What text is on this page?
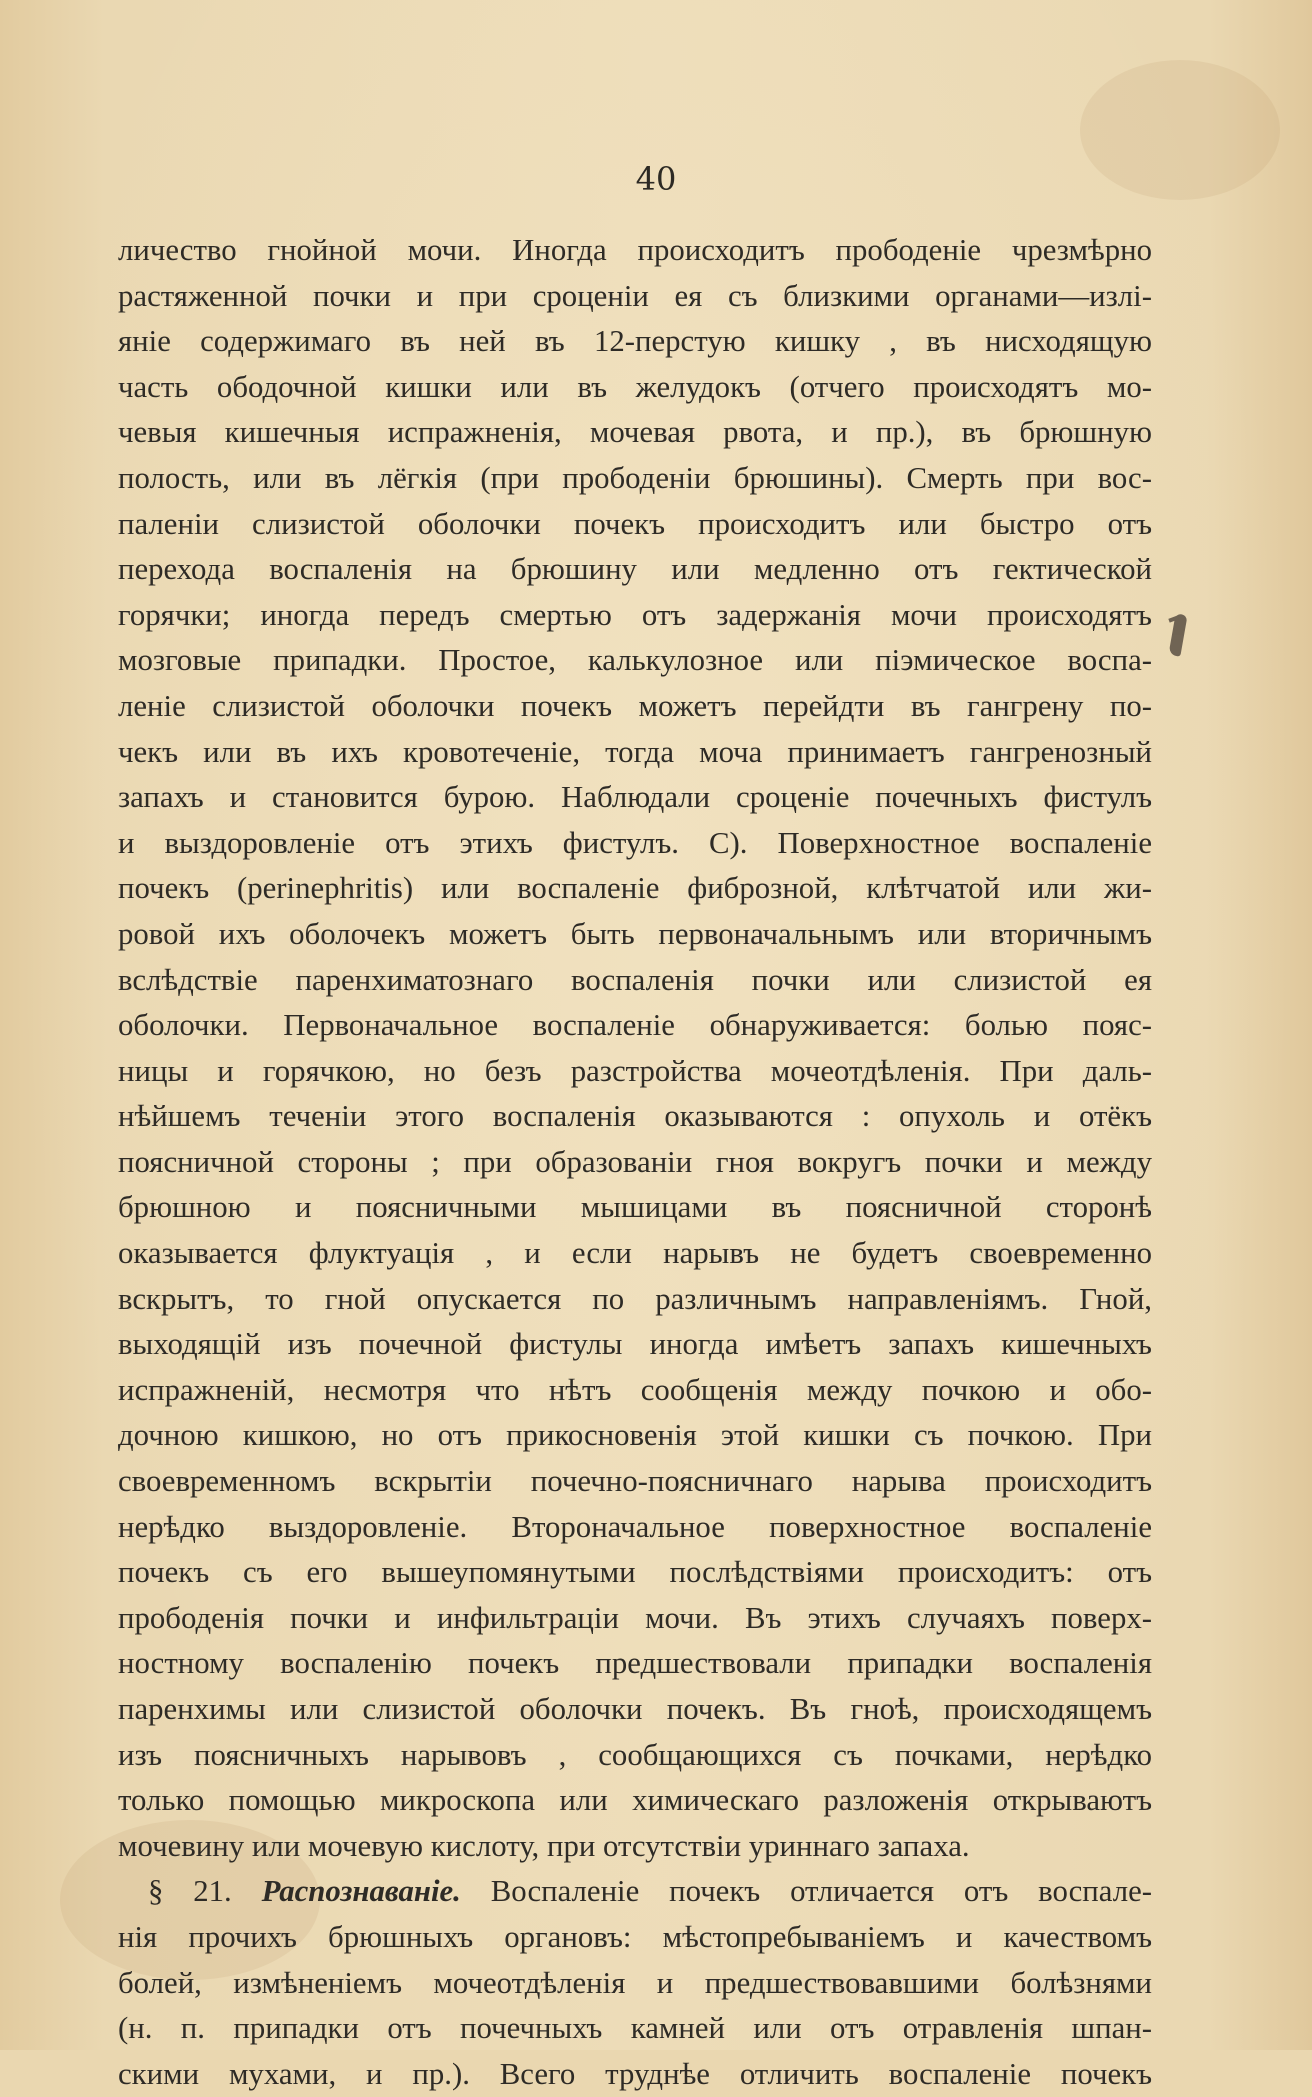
40
личество гнойной мочи. Иногда происходитъ прободенiе чрезмѣрно
растяженной почки и при сроценiи ея съ близкими органами—излi-
янiе содержимаго въ ней въ 12-перстую кишку , въ нисходящую
часть ободочной кишки или въ желудокъ (отчего происходятъ мо-
чевыя кишечныя испражненiя, мочевая рвота, и пр.), въ брюшную
полость, или въ лёгкiя (при прободенiи брюшины). Смерть при вос-
паленiи слизистой оболочки почекъ происходитъ или быстро отъ
перехода воспаленiя на брюшину или медленно отъ гектической
горячки; иногда передъ смертью отъ задержанiя мочи происходятъ
мозговые припадки. Простое, калькулозное или пiэмическое воспа-
ленiе слизистой оболочки почекъ можетъ перейдти въ гангрену по-
чекъ или въ ихъ кровотеченiе, тогда моча принимаетъ гангренозный
запахъ и становится бурою. Наблюдали сроценiе почечныхъ фистулъ
и выздоровленiе отъ этихъ фистулъ. C). Поверхностное воспаленiе
почекъ (perinephritis) или воспаленiе фиброзной, клѣтчатой или жи-
ровой ихъ оболочекъ можетъ быть первоначальнымъ или вторичнымъ
вслѣдствiе паренхиматознаго воспаленiя почки или слизистой ея
оболочки. Первоначальное воспаленiе обнаруживается: болью пояс-
ницы и горячкою, но безъ разстройства мочеотдѣленiя. При даль-
нѣйшемъ теченiи этого воспаленiя оказываются : опухоль и отёкъ
поясничной стороны ; при образованiи гноя вокругъ почки и между
брюшною и поясничными мышицами въ поясничной сторонѣ
оказывается флуктуацiя , и если нарывъ не будетъ своевременно
вскрытъ, то гной опускается по различнымъ направленiямъ. Гной,
выходящiй изъ почечной фистулы иногда имѣетъ запахъ кишечныхъ
испражненiй, несмотря что нѣтъ сообщенiя между почкою и обо-
дочною кишкою, но отъ прикосновенiя этой кишки съ почкою. При
своевременномъ вскрытiи почечно-поясничнаго нарыва происходитъ
нерѣдко выздоровленiе. Второначальное поверхностное воспаленiе
почекъ съ его вышеупомянутыми послѣдствiями происходитъ: отъ
прободенiя почки и инфильтрацiи мочи. Въ этихъ случаяхъ поверх-
ностному воспаленiю почекъ предшествовали припадки воспаленiя
паренхимы или слизистой оболочки почекъ. Въ гноѣ, происходящемъ
изъ поясничныхъ нарывовъ , сообщающихся съ почками, нерѣдко
только помощью микроскопа или химическаго разложенiя открываютъ
мочевину или мочевую кислоту, при отсутствiи уриннаго запаха.
§ 21. Распознаванiе. Воспаленiе почекъ отличается отъ воспале-
нiя прочихъ брюшныхъ органовъ: мѣстопребыванiемъ и качествомъ
болей, измѣненiемъ мочеотдѣленiя и предшествовавшими болѣзнями
(н. п. припадки отъ почечныхъ камней или отъ отравленiя шпан-
скими мухами, и пр.). Всего труднѣе отличить воспаленiе почекъ
